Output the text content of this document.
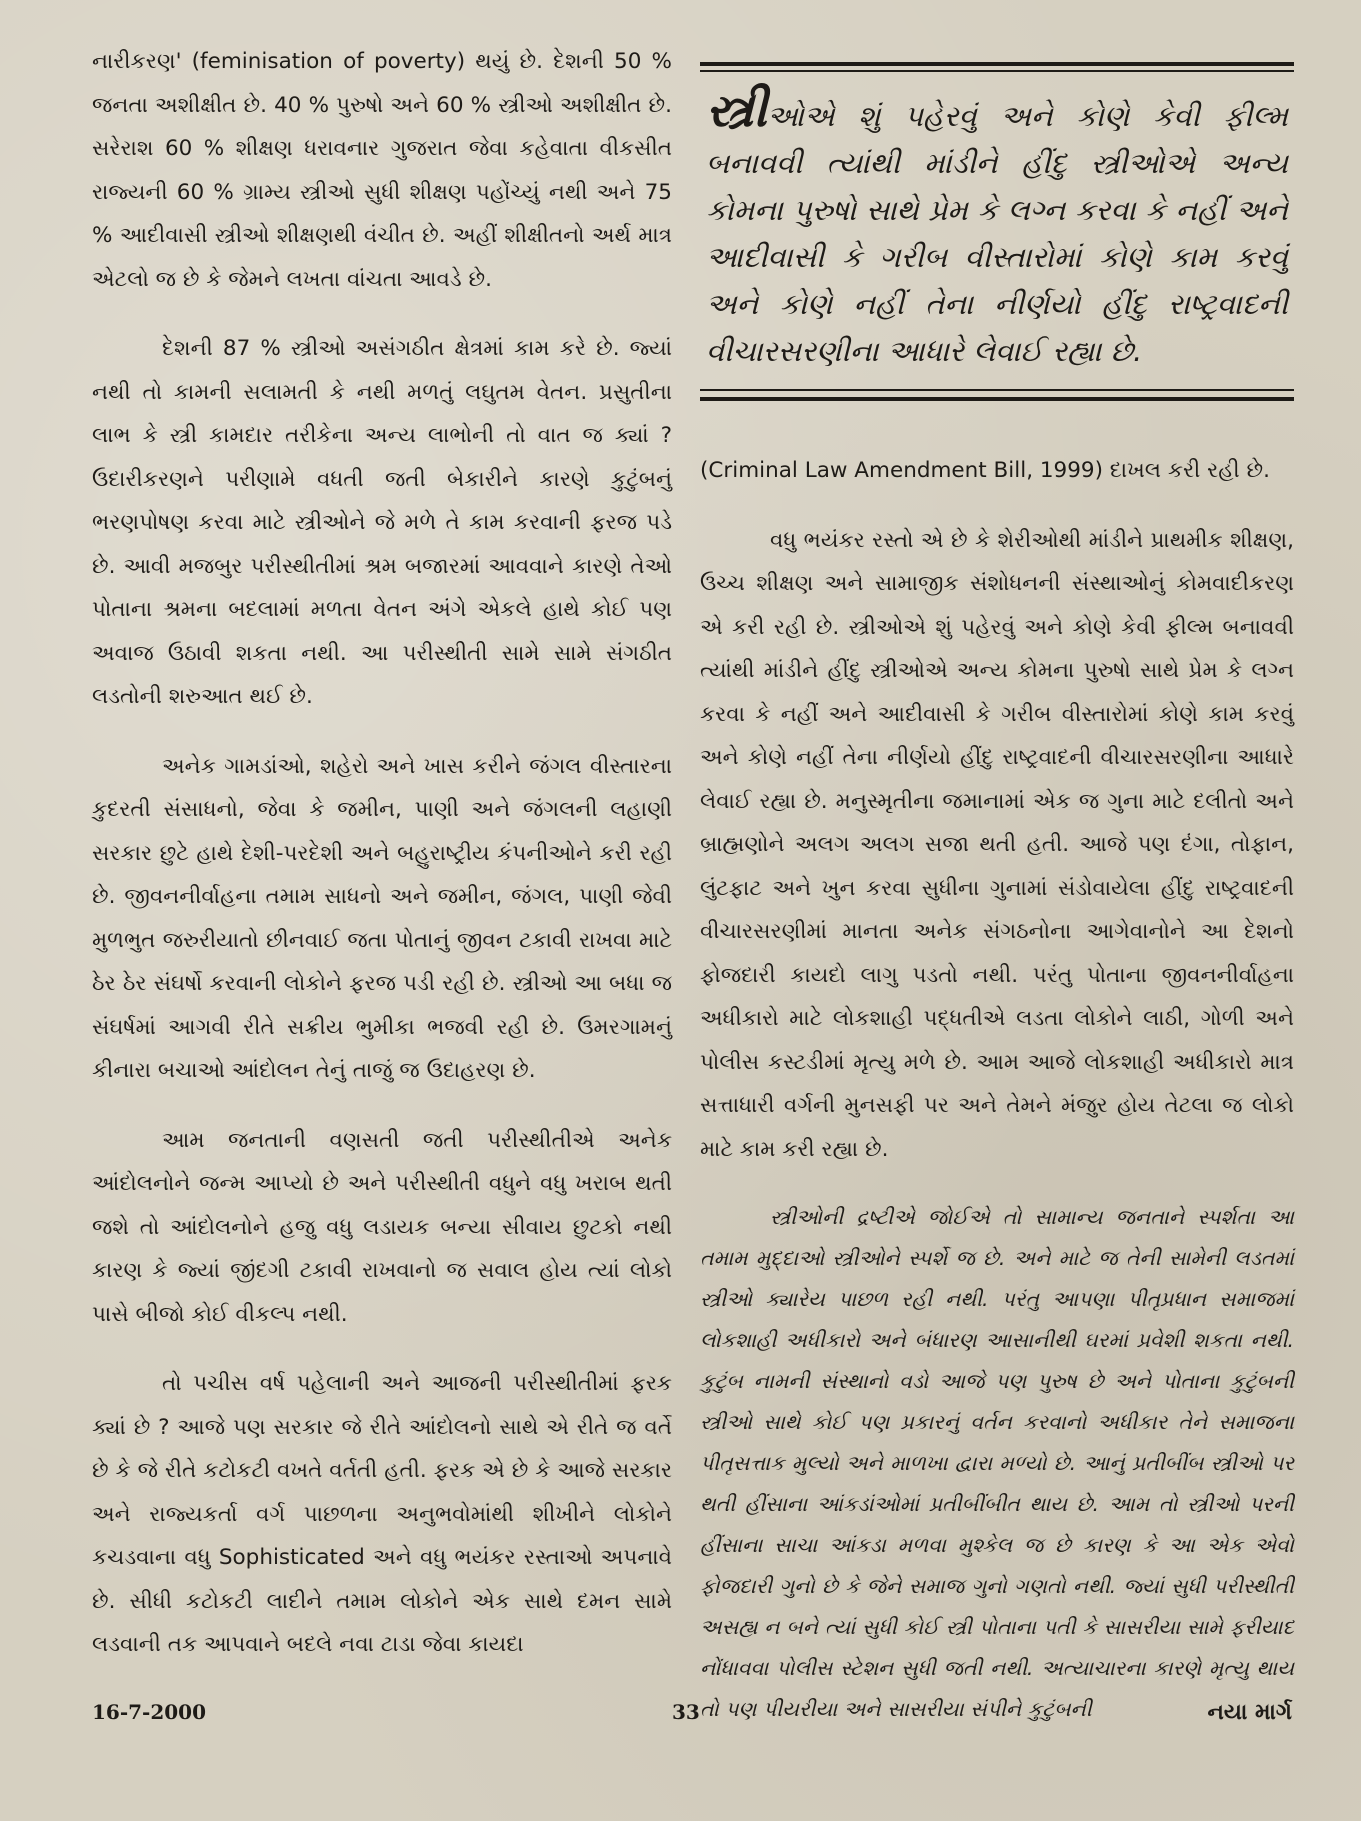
નારીકરણ' (feminisation of poverty) થયું છે. દેશની 50 % જનતા અશીક્ષીત છે. 40 % પુરુષો અને 60 % સ્ત્રીઓ અશીક્ષીત છે. સરેરાશ 60 % શીક્ષણ ધરાવનાર ગુજરાત જેવા કહેવાતા વીકસીત રાજ્યની 60 % ગ્રામ્ય સ્ત્રીઓ સુધી શીક્ષણ પહોંચ્યું નથી અને 75 % આદીવાસી સ્ત્રીઓ શીક્ષણથી વંચીત છે. અહીં શીક્ષીતનો અર્થ માત્ર એટલો જ છે કે જેમને લખતા વાંચતા આવડે છે.

દેશની 87 % સ્ત્રીઓ અસંગઠીત ક્ષેત્રમાં કામ કરે છે. જ્યાં નથી તો કામની સલામતી કે નથી મળતું લઘુતમ વેતન. પ્રસુતીના લાભ કે સ્ત્રી કામદાર તરીકેના અન્ય લાભોની તો વાત જ ક્યાં ? ઉદારીકરણને પરીણામે વધતી જતી બેકારીને કારણે કુટુંબનું ભરણપોષણ કરવા માટે સ્ત્રીઓને જે મળે તે કામ કરવાની ફરજ પડે છે. આવી મજબુર પરીસ્થીતીમાં શ્રમ બજારમાં આવવાને કારણે તેઓ પોતાના શ્રમના બદલામાં મળતા વેતન અંગે એકલે હાથે કોઈ પણ અવાજ ઉઠાવી શકતા નથી. આ પરીસ્થીતી સામે સામે સંગઠીત લડતોની શરુઆત થઈ છે.

અનેક ગામડાંઓ, શહેરો અને ખાસ કરીને જંગલ વીસ્તારના કુદરતી સંસાધનો, જેવા કે જમીન, પાણી અને જંગલની લહાણી સરકાર છુટે હાથે દેશી-પરદેશી અને બહુરાષ્ટ્રીય કંપનીઓને કરી રહી છે. જીવનનીર્વાહના તમામ સાધનો અને જમીન, જંગલ, પાણી જેવી મુળભુત જરુરીયાતો છીનવાઈ જતા પોતાનું જીવન ટકાવી રાખવા માટે ઠેર ઠેર સંઘર્ષો કરવાની લોકોને ફરજ પડી રહી છે. સ્ત્રીઓ આ બધા જ સંઘર્ષમાં આગવી રીતે સક્રીય ભુમીકા ભજવી રહી છે. ઉમરગામનું કીનારા બચાઓ આંદોલન તેનું તાજું જ ઉદાહરણ છે.

આમ જનતાની વણસતી જતી પરીસ્થીતીએ અનેક આંદોલનોને જન્મ આપ્યો છે અને પરીસ્થીતી વધુને વધુ ખરાબ થતી જશે તો આંદોલનોને હજુ વધુ લડાયક બન્યા સીવાય છુટકો નથી કારણ કે જ્યાં જીંદગી ટકાવી રાખવાનો જ સવાલ હોય ત્યાં લોકો પાસે બીજો કોઈ વીકલ્પ નથી.

તો પચીસ વર્ષ પહેલાની અને આજની પરીસ્થીતીમાં ફરક ક્યાં છે ? આજે પણ સરકાર જે રીતે આંદોલનો સાથે એ રીતે જ વર્તે છે કે જે રીતે કટોકટી વખતે વર્તતી હતી. ફરક એ છે કે આજે સરકાર અને રાજ્યકર્તા વર્ગ પાછળના અનુભવોમાંથી શીખીને લોકોને કચડવાના વધુ Sophisticated અને વધુ ભયંકર રસ્તાઓ અપનાવે છે. સીધી કટોકટી લાદીને તમામ લોકોને એક સાથે દમન સામે લડવાની તક આપવાને બદલે નવા ટાડા જેવા કાયદા

સ્ત્રીઓએ શું પહેરવું અને કોણે કેવી ફીલ્મ બનાવવી ત્યાંથી માંડીને હીંદુ સ્ત્રીઓએ અન્ય કોમના પુરુષો સાથે પ્રેમ કે લગ્ન કરવા કે નહીં અને આદીવાસી કે ગરીબ વીસ્તારોમાં કોણે કામ કરવું અને કોણે નહીં તેના નીર્ણયો હીંદુ રાષ્ટ્રવાદની વીચારસરણીના આધારે લેવાઈ રહ્યા છે.

(Criminal Law Amendment Bill, 1999) દાખલ કરી રહી છે.

વધુ ભયંકર રસ્તો એ છે કે શેરીઓથી માંડીને પ્રાથમીક શીક્ષણ, ઉચ્ચ શીક્ષણ અને સામાજીક સંશોધનની સંસ્થાઓનું કોમવાદીકરણ એ કરી રહી છે. સ્ત્રીઓએ શું પહેરવું અને કોણે કેવી ફીલ્મ બનાવવી ત્યાંથી માંડીને હીંદુ સ્ત્રીઓએ અન્ય કોમના પુરુષો સાથે પ્રેમ કે લગ્ન કરવા કે નહીં અને આદીવાસી કે ગરીબ વીસ્તારોમાં કોણે કામ કરવું અને કોણે નહીં તેના નીર્ણયો હીંદુ રાષ્ટ્રવાદની વીચારસરણીના આધારે લેવાઈ રહ્યા છે. મનુસ્મૃતીના જમાનામાં એક જ ગુના માટે દલીતો અને બ્રાહ્મણોને અલગ અલગ સજા થતી હતી. આજે પણ દંગા, તોફાન, લુંટફાટ અને ખુન કરવા સુધીના ગુનામાં સંડોવાયેલા હીંદુ રાષ્ટ્રવાદની વીચારસરણીમાં માનતા અનેક સંગઠનોના આગેવાનોને આ દેશનો ફોજદારી કાયદો લાગુ પડતો નથી. પરંતુ પોતાના જીવનનીર્વાહના અધીકારો માટે લોકશાહી પદ્ધતીએ લડતા લોકોને લાઠી, ગોળી અને પોલીસ કસ્ટડીમાં મૃત્યુ મળે છે. આમ આજે લોકશાહી અધીકારો માત્ર સત્તાધારી વર્ગની મુનસફી પર અને તેમને મંજુર હોય તેટલા જ લોકો માટે કામ કરી રહ્યા છે.

સ્ત્રીઓની દ્રષ્ટીએ જોઈએ તો સામાન્ય જનતાને સ્પર્શતા આ તમામ મુદ્દાઓ સ્ત્રીઓને સ્પર્શે જ છે. અને માટે જ તેની સામેની લડતમાં સ્ત્રીઓ ક્યારેય પાછળ રહી નથી. પરંતુ આપણા પીતૃપ્રધાન સમાજમાં લોકશાહી અધીકારો અને બંધારણ આસાનીથી ઘરમાં પ્રવેશી શકતા નથી. કુટુંબ નામની સંસ્થાનો વડો આજે પણ પુરુષ છે અને પોતાના કુટુંબની સ્ત્રીઓ સાથે કોઈ પણ પ્રકારનું વર્તન કરવાનો અધીકાર તેને સમાજના પીતૃસત્તાક મુલ્યો અને માળખા દ્વારા મળ્યો છે. આનું પ્રતીબીંબ સ્ત્રીઓ પર થતી હીંસાના આંકડાંઓમાં પ્રતીબીંબીત થાય છે. આમ તો સ્ત્રીઓ પરની હીંસાના સાચા આંકડા મળવા મુશ્કેલ જ છે કારણ કે આ એક એવો ફોજદારી ગુનો છે કે જેને સમાજ ગુનો ગણતો નથી. જ્યાં સુધી પરીસ્થીતી અસહ્ય ન બને ત્યાં સુધી કોઈ સ્ત્રી પોતાના પતી કે સાસરીયા સામે ફરીયાદ નોંધાવવા પોલીસ સ્ટેશન સુધી જતી નથી. અત્યાચારના કારણે મૃત્યુ થાય તો પણ પીયરીયા અને સાસરીયા સંપીને કુટુંબની

16-7-2000	33	નયા માર્ગ
